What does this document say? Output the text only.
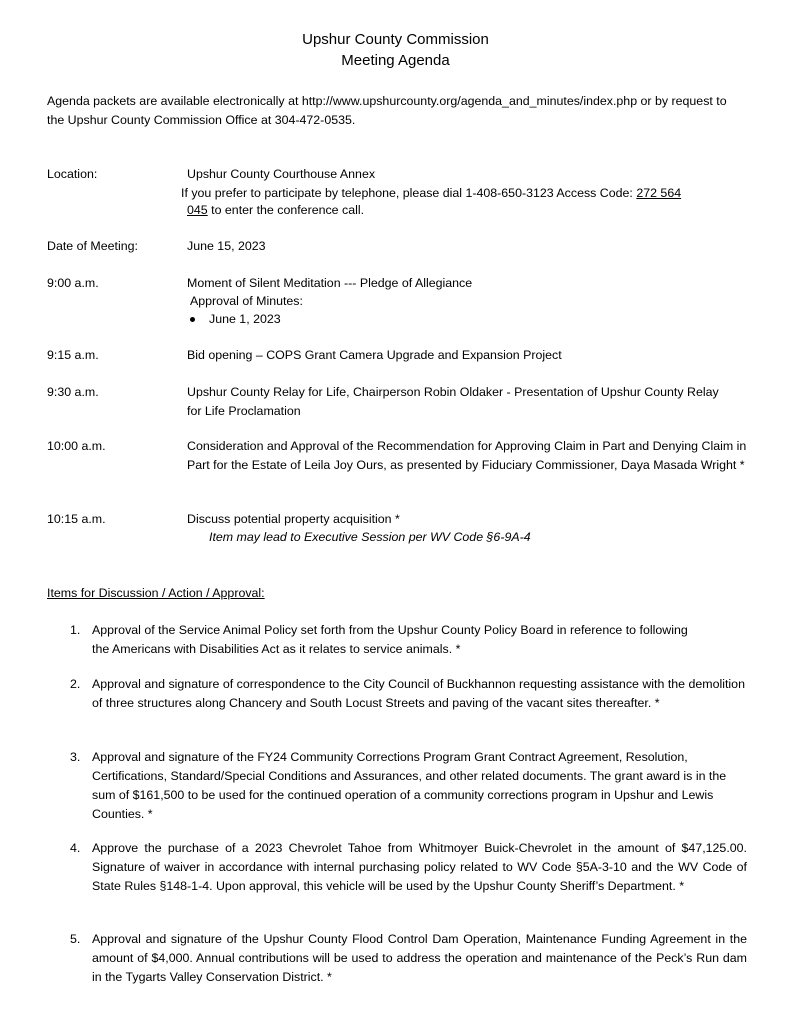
Upshur County Commission
Meeting Agenda
Agenda packets are available electronically at http://www.upshurcounty.org/agenda_and_minutes/index.php or by request to the Upshur County Commission Office at 304-472-0535.
Location:	Upshur County Courthouse Annex
If you prefer to participate by telephone, please dial 1-408-650-3123 Access Code: 272 564
045 to enter the conference call.
Date of Meeting:	June 15, 2023
9:00 a.m.	Moment of Silent Meditation --- Pledge of Allegiance
Approval of Minutes:
June 1, 2023
9:15 a.m.	Bid opening – COPS Grant Camera Upgrade and Expansion Project
9:30 a.m.	Upshur County Relay for Life, Chairperson Robin Oldaker - Presentation of Upshur County Relay for Life Proclamation
10:00 a.m.	Consideration and Approval of the Recommendation for Approving Claim in Part and Denying Claim in Part for the Estate of Leila Joy Ours, as presented by Fiduciary Commissioner, Daya Masada Wright *
10:15 a.m.	Discuss potential property acquisition *
Item may lead to Executive Session per WV Code §6-9A-4
Items for Discussion / Action / Approval:
1. Approval of the Service Animal Policy set forth from the Upshur County Policy Board in reference to following the Americans with Disabilities Act as it relates to service animals. *
2. Approval and signature of correspondence to the City Council of Buckhannon requesting assistance with the demolition of three structures along Chancery and South Locust Streets and paving of the vacant sites thereafter. *
3. Approval and signature of the FY24 Community Corrections Program Grant Contract Agreement, Resolution, Certifications, Standard/Special Conditions and Assurances, and other related documents. The grant award is in the sum of $161,500 to be used for the continued operation of a community corrections program in Upshur and Lewis Counties. *
4. Approve the purchase of a 2023 Chevrolet Tahoe from Whitmoyer Buick-Chevrolet in the amount of $47,125.00. Signature of waiver in accordance with internal purchasing policy related to WV Code §5A-3-10 and the WV Code of State Rules §148-1-4. Upon approval, this vehicle will be used by the Upshur County Sheriff’s Department. *
5. Approval and signature of the Upshur County Flood Control Dam Operation, Maintenance Funding Agreement in the amount of $4,000. Annual contributions will be used to address the operation and maintenance of the Peck’s Run dam in the Tygarts Valley Conservation District. *
